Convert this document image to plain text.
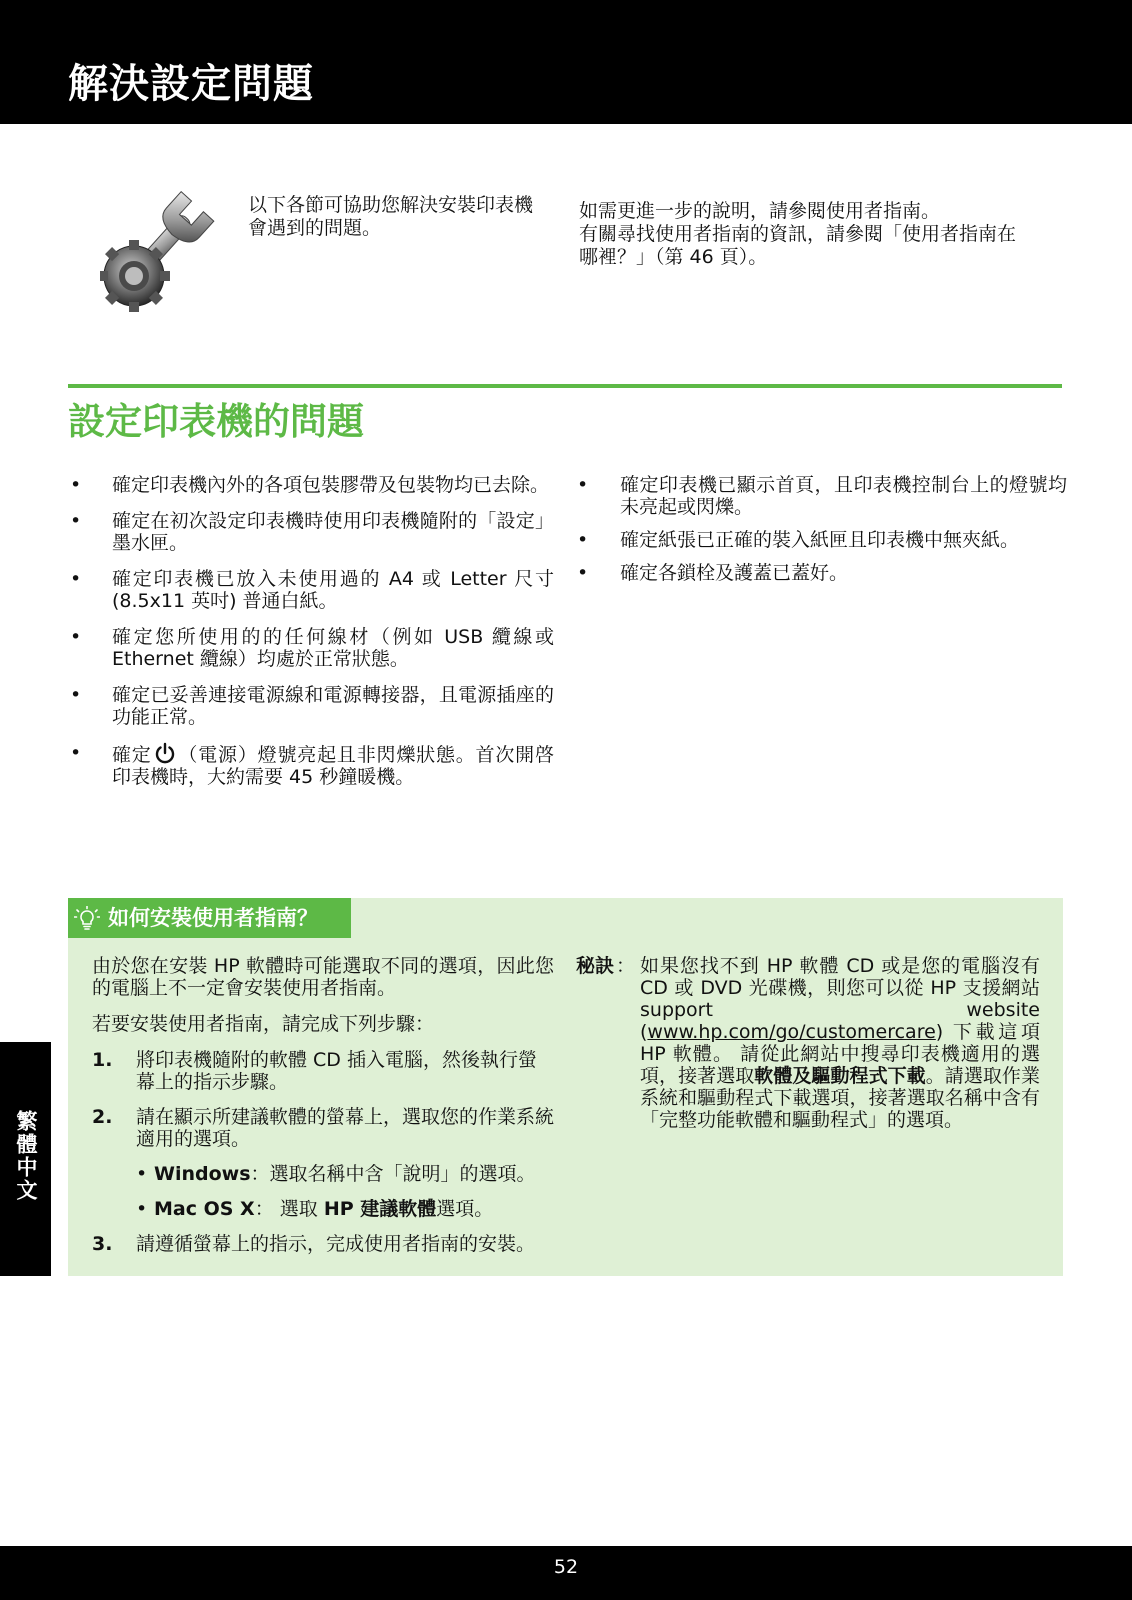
解決設定問題
以下各節可協助您解決安裝印表機會遇到的問題。

如需更進一步的說明，請參閱使用者指南。

有關尋找使用者指南的資訊，請參閱「使用者指南在哪裡？」（第 46 頁）。

設定印表機的問題
• 確定印表機內外的各項包裝膠帶及包裝物均已去除。
• 確定在初次設定印表機時使用印表機隨附的「設定」墨水匣。
• 確定印表機已放入未使用過的 A4 或 Letter 尺寸 (8.5x11 英吋) 普通白紙。
• 確定您所使用的的任何線材（例如 USB 纜線或 Ethernet 纜線）均處於正常狀態。
• 確定已妥善連接電源線和電源轉接器，且電源插座的功能正常。
• 確定 （電源）燈號亮起且非閃爍狀態。首次開啓印表機時，大約需要 45 秒鐘暖機。
• 確定印表機已顯示首頁，且印表機控制台上的燈號均未亮起或閃爍。
• 確定紙張已正確的裝入紙匣且印表機中無夾紙。
• 確定各鎖栓及護蓋已蓋好。
如何安裝使用者指南？

由於您在安裝 HP 軟體時可能選取不同的選項，因此您的電腦上不一定會安裝使用者指南。

若要安裝使用者指南，請完成下列步驟：

1. 將印表機隨附的軟體 CD 插入電腦，然後執行螢幕上的指示步驟。
2. 請在顯示所建議軟體的螢幕上，選取您的作業系統適用的選項。
• Windows：選取名稱中含「說明」的選項。
• Mac OS X： 選取 HP 建議軟體選項。
3. 請遵循螢幕上的指示，完成使用者指南的安裝。
秘訣 ： 如果您找不到 HP 軟體 CD 或是您的電腦沒有 CD 或 DVD 光碟機，則您可以從 HP 支援網站 support website (www.hp.com/go/customercare) 下載這項 HP 軟體。 請從此網站中搜尋印表機適用的選項，接著選取軟體及驅動程式下載。請選取作業系統和驅動程式下載選項，接著選取名稱中含有「完整功能軟體和驅動程式」的選項。
繁體中文
52
